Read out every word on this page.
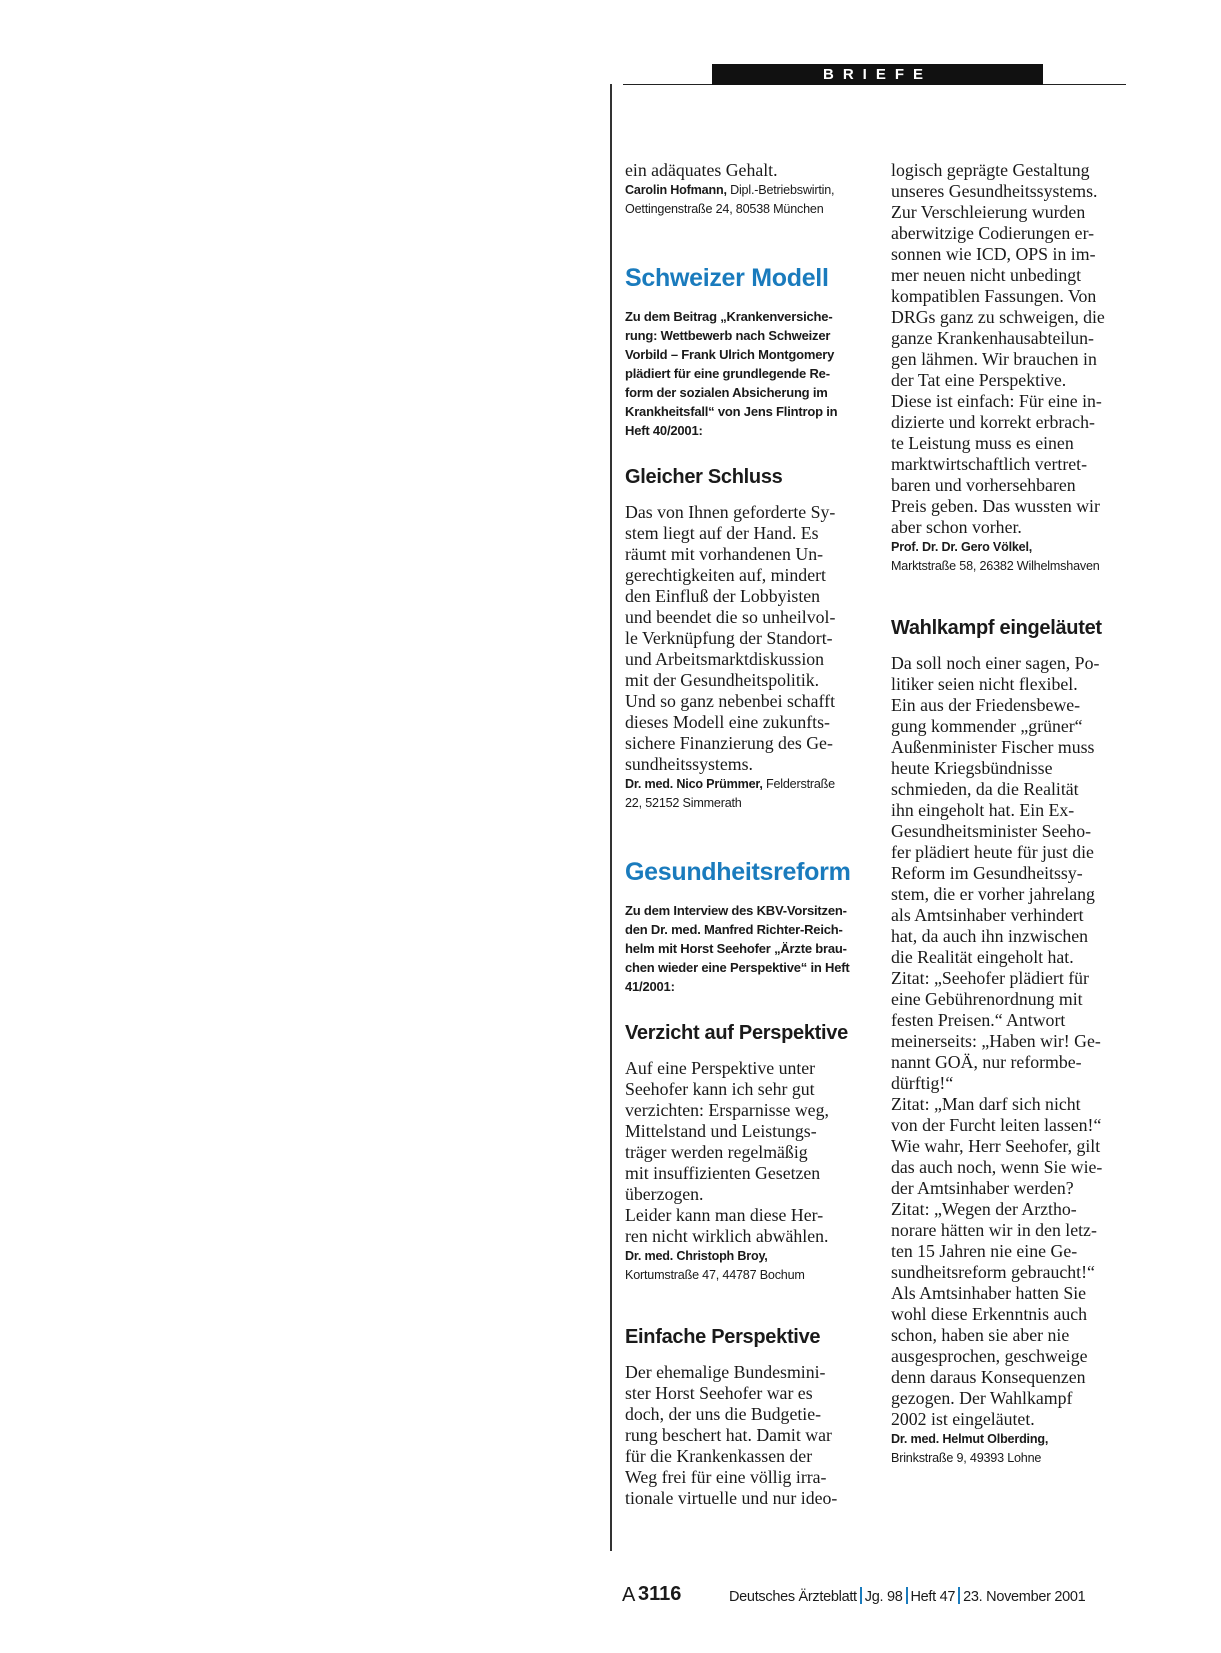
BRIEFE

ein adäquates Gehalt.

Carolin Hofmann, Dipl.-Betriebswirtin,
Oettingenstraße 24, 80538 München

Schweizer Modell

Zu dem Beitrag „Krankenversiche-
rung: Wettbewerb nach Schweizer
Vorbild – Frank Ulrich Montgomery
plädiert für eine grundlegende Re-
form der sozialen Absicherung im
Krankheitsfall“ von Jens Flintrop in
Heft 40/2001:

Gleicher Schluss

Das von Ihnen geforderte Sy-
stem liegt auf der Hand. Es
räumt mit vorhandenen Un-
gerechtigkeiten auf, mindert
den Einfluß der Lobbyisten
und beendet die so unheilvol-
le Verknüpfung der Standort-
und Arbeitsmarktdiskussion
mit der Gesundheitspolitik.
Und so ganz nebenbei schafft
dieses Modell eine zukunfts-
sichere Finanzierung des Ge-
sundheitssystems.

Dr. med. Nico Prümmer, Felderstraße
22, 52152 Simmerath

Gesundheitsreform

Zu dem Interview des KBV-Vorsitzen-
den Dr. med. Manfred Richter-Reich-
helm mit Horst Seehofer „Ärzte brau-
chen wieder eine Perspektive“ in Heft
41/2001:

Verzicht auf Perspektive

Auf eine Perspektive unter
Seehofer kann ich sehr gut
verzichten: Ersparnisse weg,
Mittelstand und Leistungs-
träger werden regelmäßig
mit insuffizienten Gesetzen
überzogen.
Leider kann man diese Her-
ren nicht wirklich abwählen.

Dr. med. Christoph Broy,
Kortumstraße 47, 44787 Bochum

Einfache Perspektive

Der ehemalige Bundesmini-
ster Horst Seehofer war es
doch, der uns die Budgetie-
rung beschert hat. Damit war
für die Krankenkassen der
Weg frei für eine völlig irra-
tionale virtuelle und nur ideo-

logisch geprägte Gestaltung
unseres Gesundheitssystems.
Zur Verschleierung wurden
aberwitzige Codierungen er-
sonnen wie ICD, OPS in im-
mer neuen nicht unbedingt
kompatiblen Fassungen. Von
DRGs ganz zu schweigen, die
ganze Krankenhausabteilun-
gen lähmen. Wir brauchen in
der Tat eine Perspektive.
Diese ist einfach: Für eine in-
dizierte und korrekt erbrach-
te Leistung muss es einen
marktwirtschaftlich vertret-
baren und vorhersehbaren
Preis geben. Das wussten wir
aber schon vorher.

Prof. Dr. Dr. Gero Völkel,
Marktstraße 58, 26382 Wilhelmshaven

Wahlkampf eingeläutet

Da soll noch einer sagen, Po-
litiker seien nicht flexibel.
Ein aus der Friedensbewe-
gung kommender „grüner“
Außenminister Fischer muss
heute Kriegsbündnisse
schmieden, da die Realität
ihn eingeholt hat. Ein Ex-
Gesundheitsminister Seeho-
fer plädiert heute für just die
Reform im Gesundheitssy-
stem, die er vorher jahrelang
als Amtsinhaber verhindert
hat, da auch ihn inzwischen
die Realität eingeholt hat.
Zitat: „Seehofer plädiert für
eine Gebührenordnung mit
festen Preisen.“ Antwort
meinerseits: „Haben wir! Ge-
nannt GOÄ, nur reformbe-
dürftig!“
Zitat: „Man darf sich nicht
von der Furcht leiten lassen!“
Wie wahr, Herr Seehofer, gilt
das auch noch, wenn Sie wie-
der Amtsinhaber werden?
Zitat: „Wegen der Arztho-
norare hätten wir in den letz-
ten 15 Jahren nie eine Ge-
sundheitsreform gebraucht!“
Als Amtsinhaber hatten Sie
wohl diese Erkenntnis auch
schon, haben sie aber nie
ausgesprochen, geschweige
denn daraus Konsequenzen
gezogen. Der Wahlkampf
2002 ist eingeläutet.

Dr. med. Helmut Olberding,
Brinkstraße 9, 49393 Lohne

A 3116	Deutsches Ärzteblatt Jg. 98 Heft 47 23. November 2001
